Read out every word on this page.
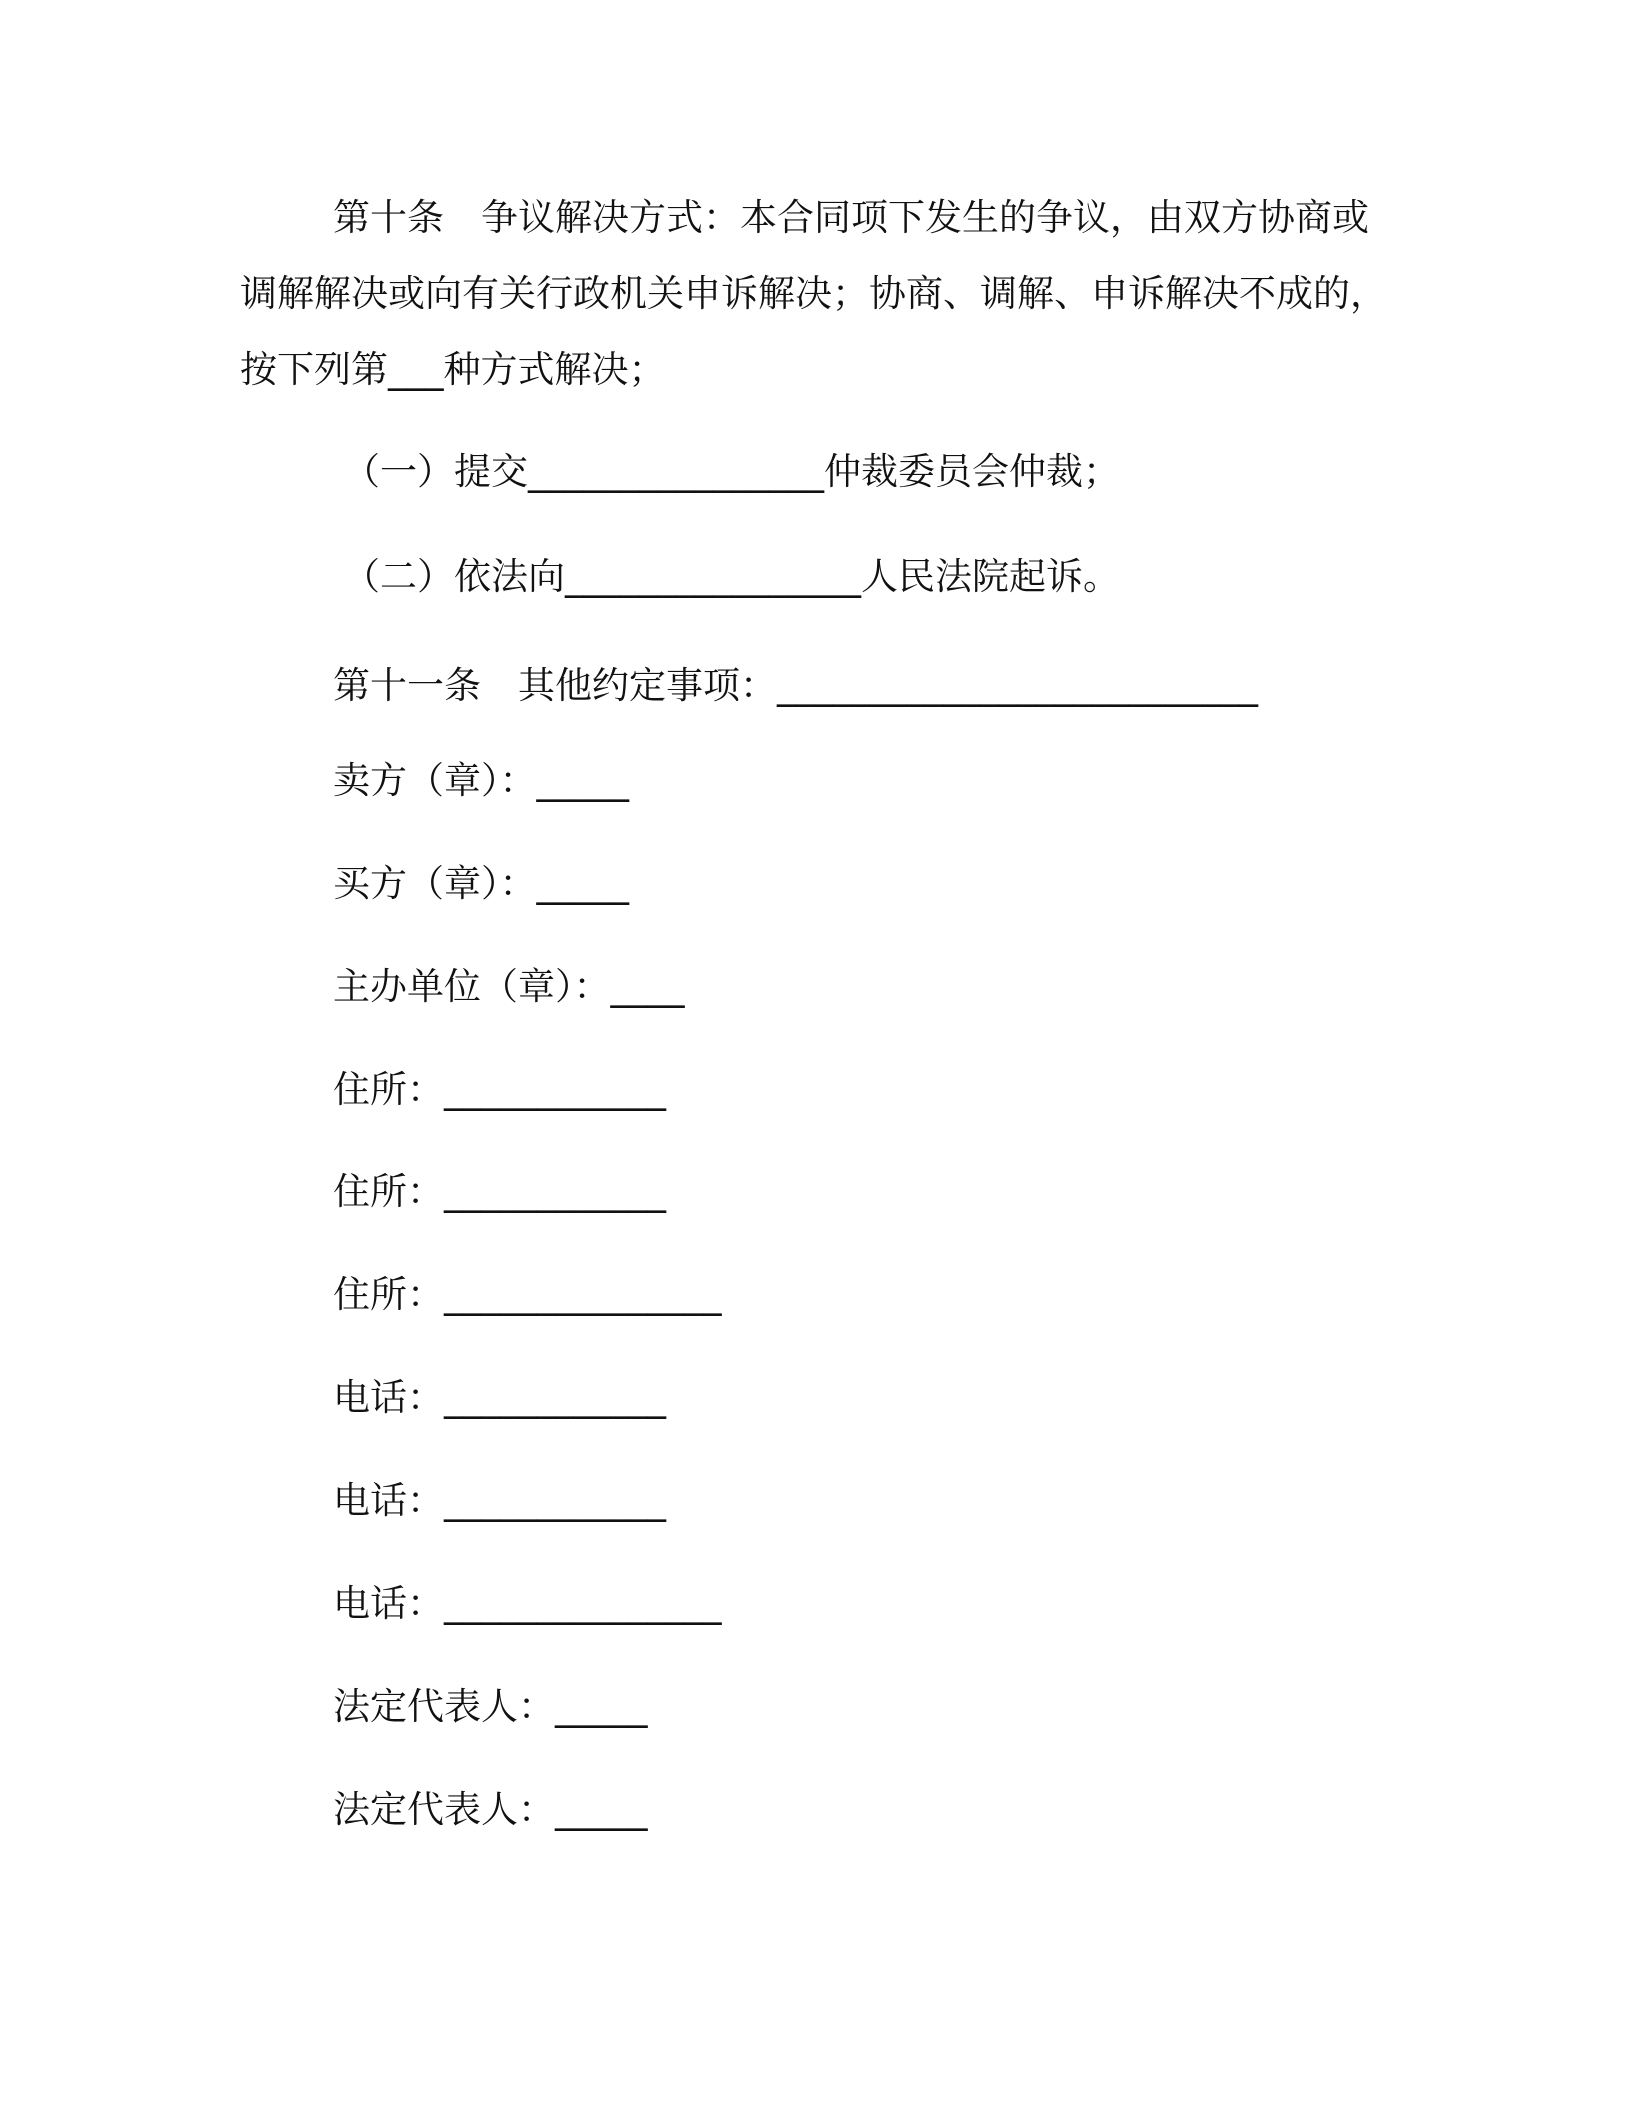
第十条　争议解决方式：本合同项下发生的争议，由双方协商或
调解解决或向有关行政机关申诉解决；协商、调解、申诉解决不成的，
按下列第___种方式解决；
（一）提交________________仲裁委员会仲裁；
（二）依法向________________人民法院起诉。
第十一条　其他约定事项：__________________________
卖方（章）：_____
买方（章）：_____
主办单位（章）：____
住所：____________
住所：____________
住所：_______________
电话：____________
电话：____________
电话：_______________
法定代表人：_____
法定代表人：_____
